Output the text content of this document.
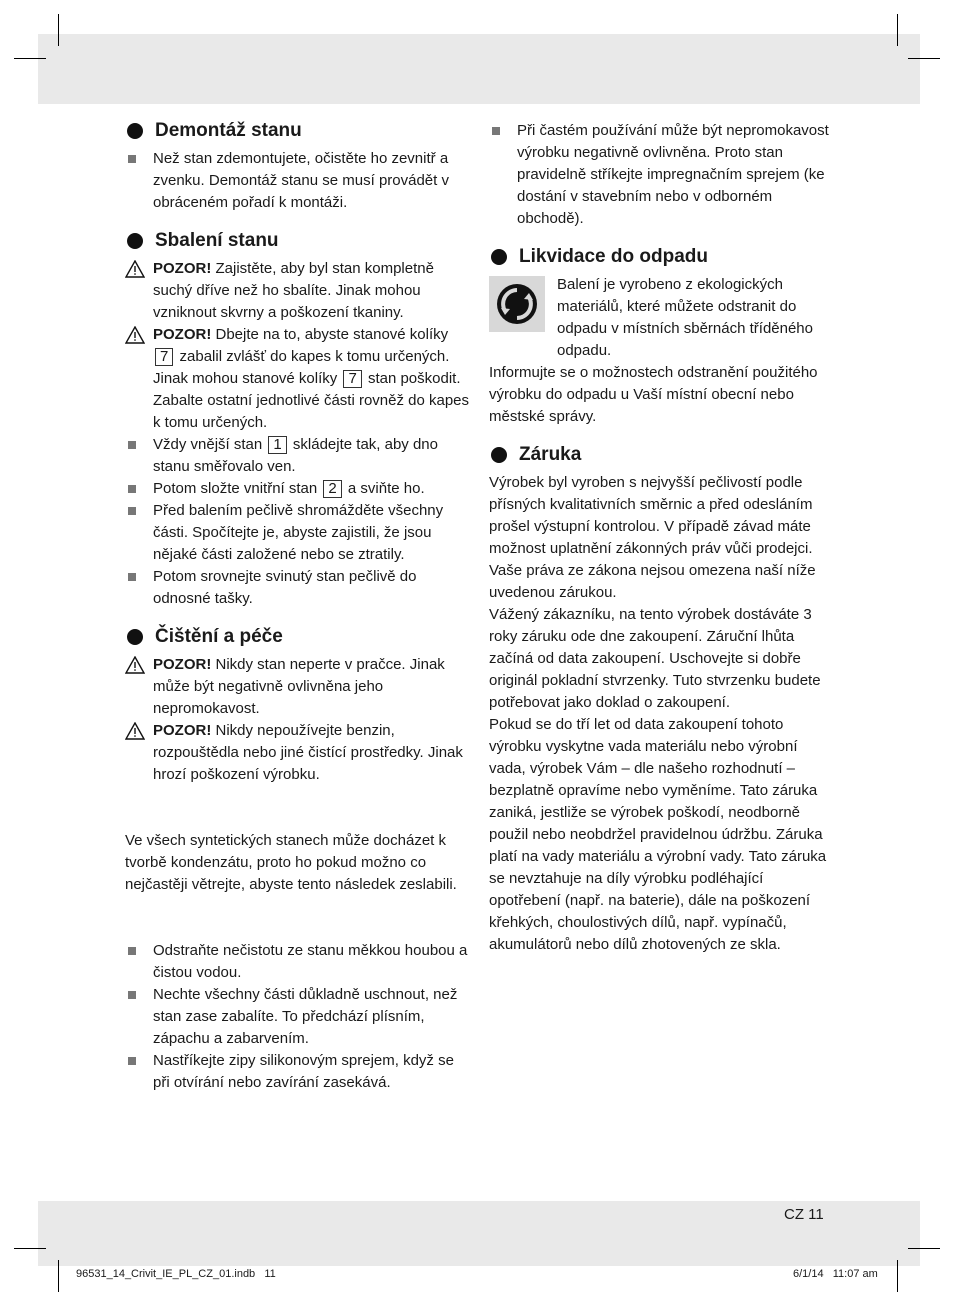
Demontáž stanu
Než stan zdemontujete, očistěte ho zevnitř a zvenku. Demontáž stanu se musí provádět v obráceném pořadí k montáži.
Sbalení stanu
POZOR! Zajistěte, aby byl stan kompletně suchý dříve než ho sbalíte. Jinak mohou vzniknout skvrny a poškození tkaniny.
POZOR! Dbejte na to, abyste stanové kolíky 7 zabalil zvlášť do kapes k tomu určených. Jinak mohou stanové kolíky 7 stan poškodit. Zabalte ostatní jednotlivé části rovněž do kapes k tomu určených.
Vždy vnější stan 1 skládejte tak, aby dno stanu směřovalo ven.
Potom složte vnitřní stan 2 a sviňte ho.
Před balením pečlivě shromážděte všechny části. Spočítejte je, abyste zajistili, že jsou nějaké části založené nebo se ztratily.
Potom srovnejte svinutý stan pečlivě do odnosné tašky.
Čištění a péče
POZOR! Nikdy stan neperte v pračce. Jinak může být negativně ovlivněna jeho nepromokavost.
POZOR! Nikdy nepoužívejte benzin, rozpouštědla nebo jiné čistící prostředky. Jinak hrozí poškození výrobku.
Ve všech syntetických stanech může docházet k tvorbě kondenzátu, proto ho pokud možno co nejčastěji větrejte, abyste tento následek zeslabili.
Odstraňte nečistotu ze stanu měkkou houbou a čistou vodou.
Nechte všechny části důkladně uschnout, než stan zase zabalíte. To předchází plísním, zápachu a zabarvením.
Nastříkejte zipy silikonovým sprejem, když se při otvírání nebo zavírání zasekává.
Při častém používání může být nepromokavost výrobku negativně ovlivněna. Proto stan pravidelně stříkejte impregnačním sprejem (ke dostání v stavebním nebo v odborném obchodě).
Likvidace do odpadu
Balení je vyrobeno z ekologických materiálů, které můžete odstranit do odpadu v místních sběrnách tříděného odpadu.
Informujte se o možnostech odstranění použitého výrobku do odpadu u Vaší místní obecní nebo městské správy.
Záruka
Výrobek byl vyroben s nejvyšší pečlivostí podle přísných kvalitativních směrnic a před odesláním prošel výstupní kontrolou. V případě závad máte možnost uplatnění zákonných práv vůči prodejci. Vaše práva ze zákona nejsou omezena naší níže uvedenou zárukou.
Vážený zákazníku, na tento výrobek dostáváte 3 roky záruku ode dne zakoupení. Záruční lhůta začíná od data zakoupení. Uschovejte si dobře originál pokladní stvrzenky. Tuto stvrzenku budete potřebovat jako doklad o zakoupení.
Pokud se do tří let od data zakoupení tohoto výrobku vyskytne vada materiálu nebo výrobní vada, výrobek Vám – dle našeho rozhodnutí – bezplatně opravíme nebo vyměníme. Tato záruka zaniká, jestliže se výrobek poškodí, neodborně použil nebo neobdržel pravidelnou údržbu. Záruka platí na vady materiálu a výrobní vady. Tato záruka se nevztahuje na díly výrobku podléhající opotřebení (např. na baterie), dále na poškození křehkých, choulostivých dílů, např. vypínačů, akumulátorů nebo dílů zhotovených ze skla.
CZ 11
96531_14_Crivit_IE_PL_CZ_01.indb   11	6/1/14   11:07 am
